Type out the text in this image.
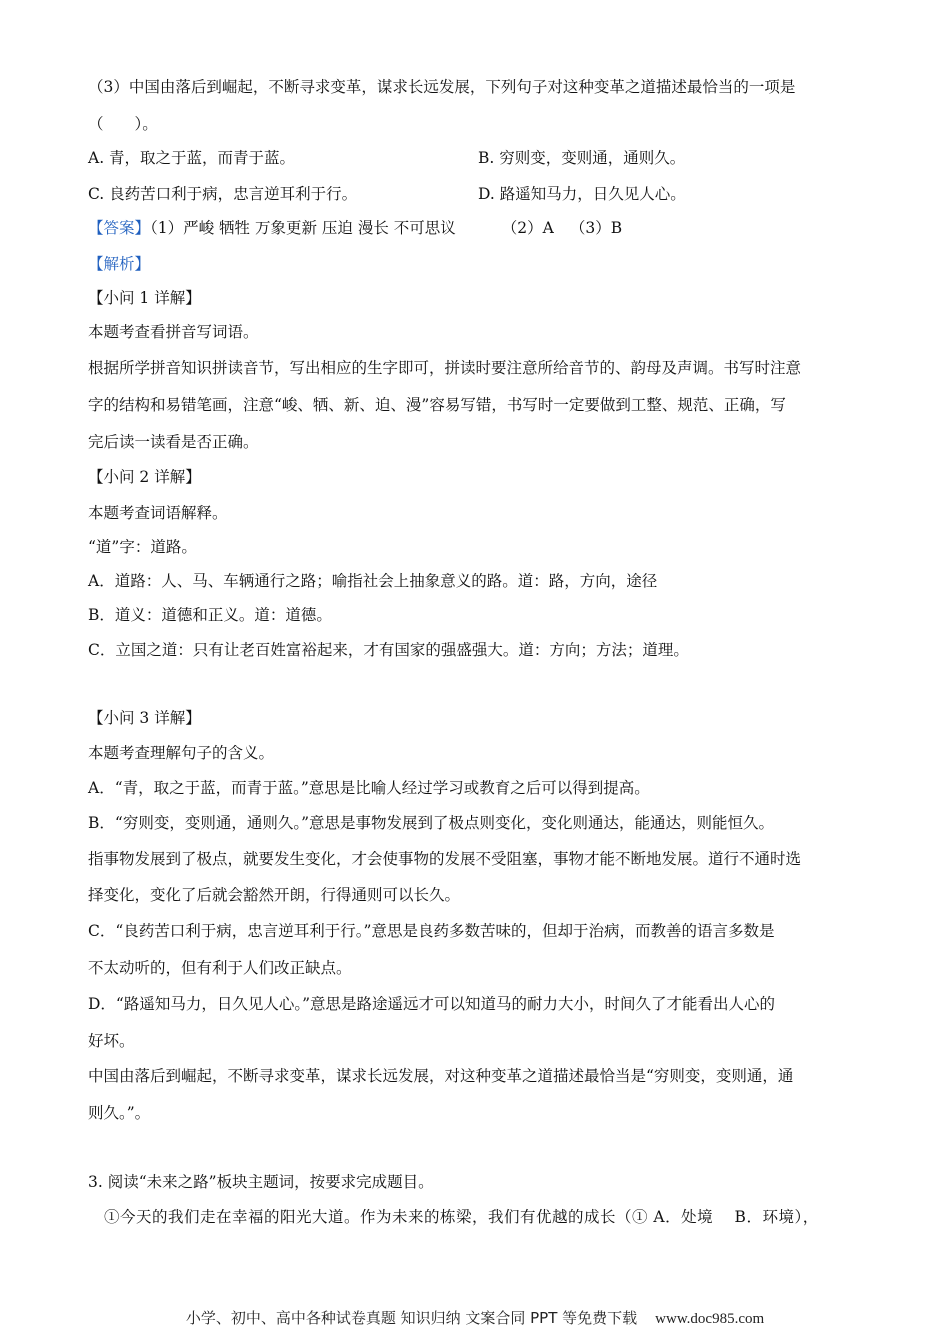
（3）中国由落后到崛起，不断寻求变革，谋求长远发展，下列句子对这种变革之道描述最恰当的一项是
（　　）。
A. 青，取之于蓝，而青于蓝。	B. 穷则变，变则通，通则久。
C. 良药苦口利于病，忠言逆耳利于行。	D. 路遥知马力，日久见人心。
【答案】（1）严峻 牺牲 万象更新 压迫 漫长 不可思议	（2）A （3）B
【解析】
【小问 1 详解】
本题考查看拼音写词语。
根据所学拼音知识拼读音节，写出相应的生字即可，拼读时要注意所给音节的、韵母及声调。书写时注意
字的结构和易错笔画，注意“峻、牺、新、迫、漫”容易写错，书写时一定要做到工整、规范、正确，写
完后读一读看是否正确。
【小问 2 详解】
本题考查词语解释。
“道”字：道路。
A．道路：人、马、车辆通行之路；喻指社会上抽象意义的路。道：路，方向，途径
B．道义：道德和正义。道：道德。
C．立国之道：只有让老百姓富裕起来，才有国家的强盛强大。道：方向；方法；道理。
【小问 3 详解】
本题考查理解句子的含义。
A．“青，取之于蓝，而青于蓝。”意思是比喻人经过学习或教育之后可以得到提高。
B．“穷则变，变则通，通则久。”意思是事物发展到了极点则变化，变化则通达，能通达，则能恒久。
指事物发展到了极点，就要发生变化，才会使事物的发展不受阻塞，事物才能不断地发展。道行不通时选
择变化，变化了后就会豁然开朗，行得通则可以长久。
C．“良药苦口利于病，忠言逆耳利于行。”意思是良药多数苦味的，但却于治病，而教善的语言多数是
不太动听的，但有利于人们改正缺点。
D．“路遥知马力，日久见人心。”意思是路途遥远才可以知道马的耐力大小，时间久了才能看出人心的
好坏。
中国由落后到崛起，不断寻求变革，谋求长远发展，对这种变革之道描述最恰当是“穷则变，变则通，通
则久。”。
3. 阅读“未来之路”板块主题词，按要求完成题目。
①今天的我们走在幸福的阳光大道。作为未来的栋梁，我们有优越的成长（① A．处境　 B．环境），
小学、初中、高中各种试卷真题 知识归纳 文案合同 PPT 等免费下载 www.doc985.com
